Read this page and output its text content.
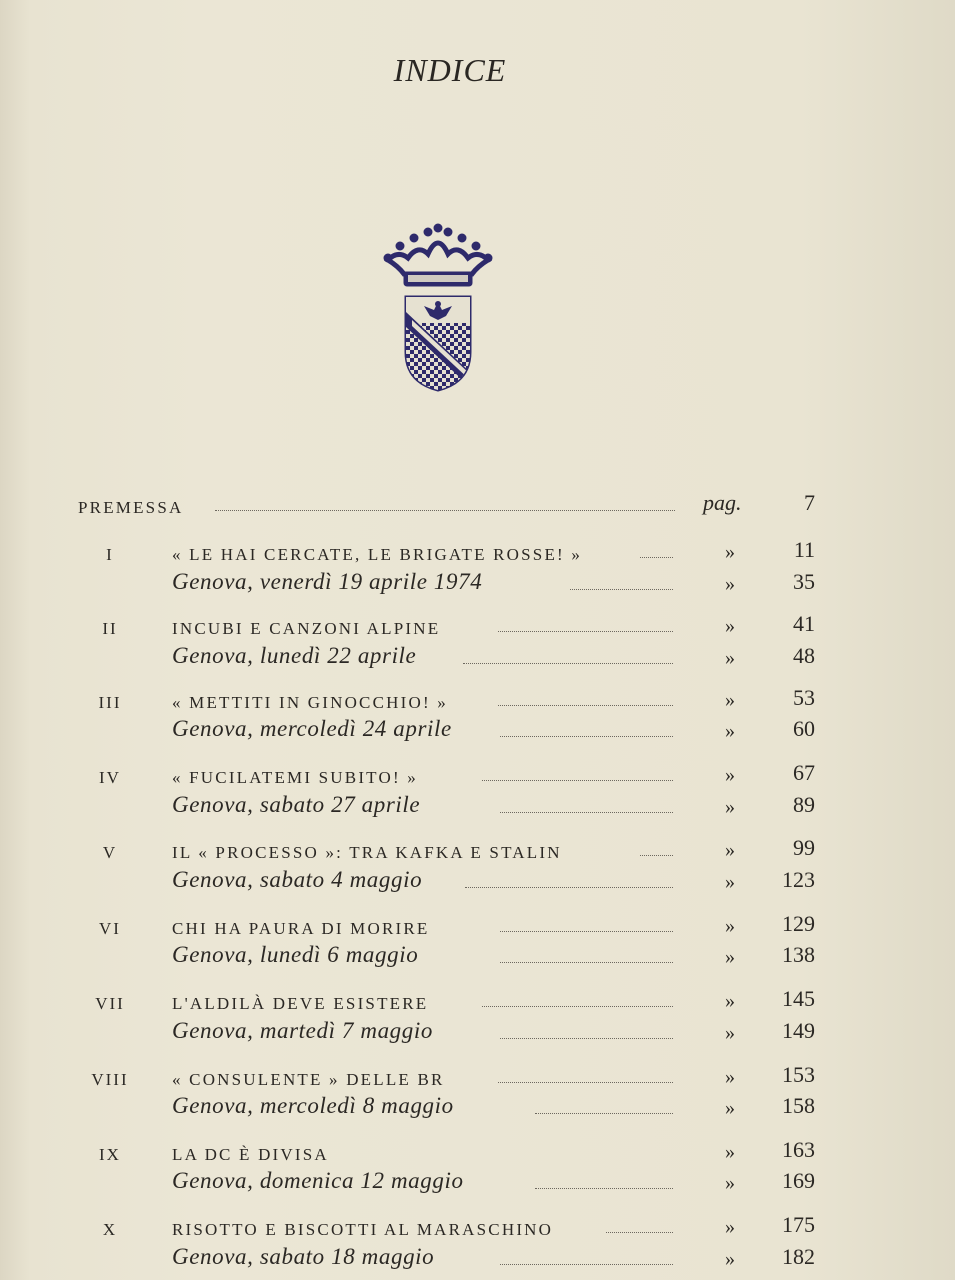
INDICE
PREMESSA	pag.	7
I	« LE HAI CERCATE, LE BRIGATE ROSSE! »	»	11
Genova, venerdì 19 aprile 1974	»	35
II	INCUBI E CANZONI ALPINE	»	41
Genova, lunedì 22 aprile	»	48
III	« METTITI IN GINOCCHIO! »	»	53
Genova, mercoledì 24 aprile	»	60
IV	« FUCILATEMI SUBITO! »	»	67
Genova, sabato 27 aprile	»	89
V	IL « PROCESSO »: TRA KAFKA E STALIN	»	99
Genova, sabato 4 maggio	» 123
VI	CHI HA PAURA DI MORIRE	» 129
Genova, lunedì 6 maggio	» 138
VII	L'ALDILÀ DEVE ESISTERE	» 145
Genova, martedì 7 maggio	» 149
VIII	« CONSULENTE » DELLE BR	» 153
Genova, mercoledì 8 maggio	» 158
IX	LA DC È DIVISA	» 163
Genova, domenica 12 maggio	» 169
X	RISOTTO E BISCOTTI AL MARASCHINO	» 175
Genova, sabato 18 maggio	» 182
